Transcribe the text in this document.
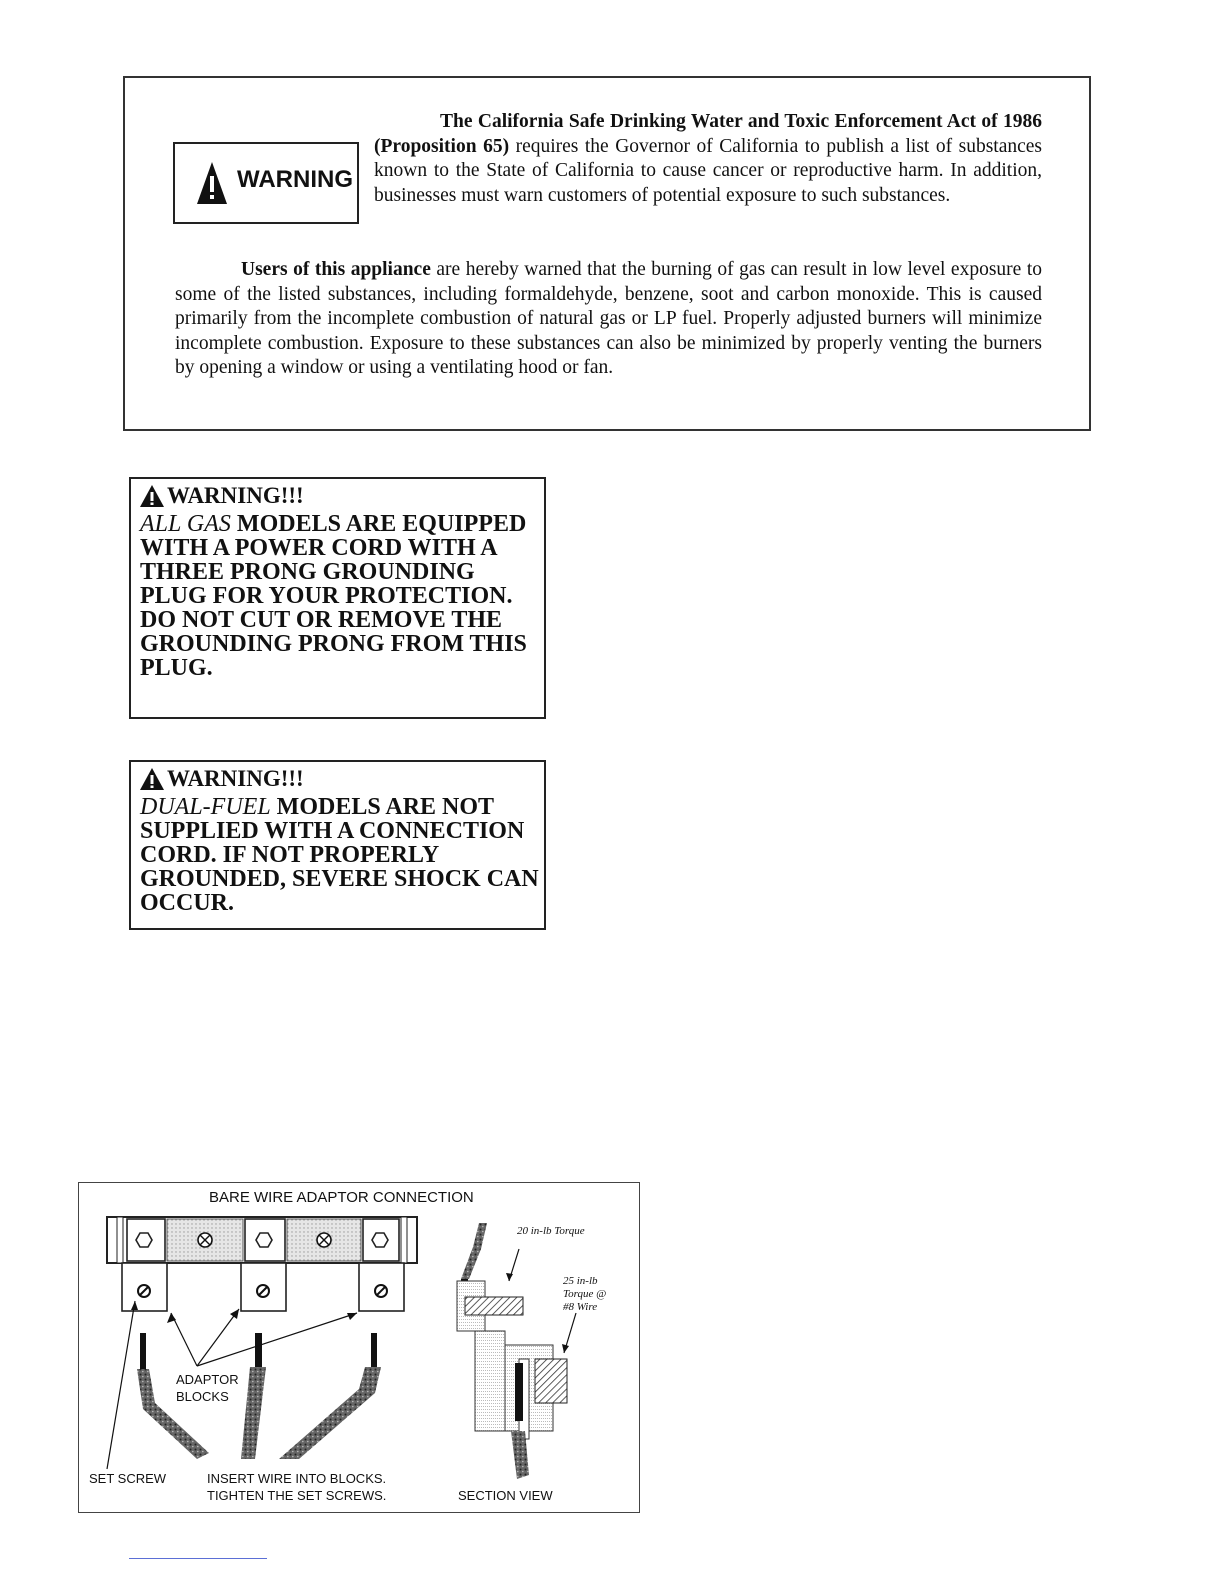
WARNING

The California Safe Drinking Water and Toxic Enforcement Act of 1986 (Proposition 65) requires the Governor of California to publish a list of substances known to the State of California to cause cancer or reproductive harm. In addition, businesses must warn customers of potential exposure to such substances.

Users of this appliance are hereby warned that the burning of gas can result in low level exposure to some of the listed substances, including formaldehyde, benzene, soot and carbon monoxide. This is caused primarily from the incomplete combustion of natural gas or LP fuel. Properly adjusted burners will minimize incomplete combustion. Exposure to these substances can also be minimized by properly venting the burners by opening a window or using a ventilating hood or fan.

WARNING!!!

ALL GAS MODELS ARE EQUIPPED WITH A POWER CORD WITH A THREE PRONG GROUNDING PLUG FOR YOUR PROTECTION. DO NOT CUT OR REMOVE THE GROUNDING PRONG FROM THIS PLUG.

WARNING!!!

DUAL-FUEL MODELS ARE NOT SUPPLIED WITH A CONNECTION CORD. IF NOT PROPERLY GROUNDED, SEVERE SHOCK CAN OCCUR.

BARE WIRE ADAPTOR CONNECTION
ADAPTOR
BLOCKS
SET SCREW	INSERT WIRE INTO BLOCKS.
TIGHTEN THE SET SCREWS.	SECTION VIEW
20 in-lb Torque
25 in-lb
Torque @
#8 Wire
